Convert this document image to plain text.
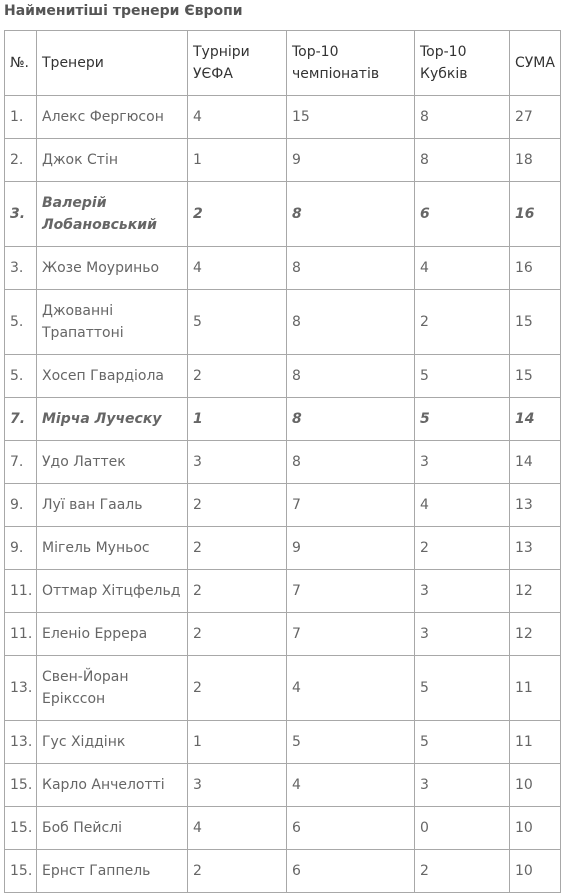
Найменитіші тренери Європи
№.	Тренери	Турніри УЄФА	Top-10 чемпіонатів	Top-10 Кубків	СУМА
1.	Алекс Фергюсон	4	15	8	27
2.	Джок Стін	1	9	8	18
3.	Валерій Лобановський	2	8	6	16
3.	Жозе Моуриньо	4	8	4	16
5.	Джованні Трапаттоні	5	8	2	15
5.	Хосеп Гвардіола	2	8	5	15
7.	Мірча Луческу	1	8	5	14
7.	Удо Латтек	3	8	3	14
9.	Луї ван Гааль	2	7	4	13
9.	Мігель Муньос	2	9	2	13
11.	Оттмар Хітцфельд	2	7	3	12
11.	Еленіо Еррера	2	7	3	12
13.	Свен-Йоран Ерікссон	2	4	5	11
13.	Гус Хіддінк	1	5	5	11
15.	Карло Анчелотті	3	4	3	10
15.	Боб Пейслі	4	6	0	10
15.	Ернст Гаппель	2	6	2	10
